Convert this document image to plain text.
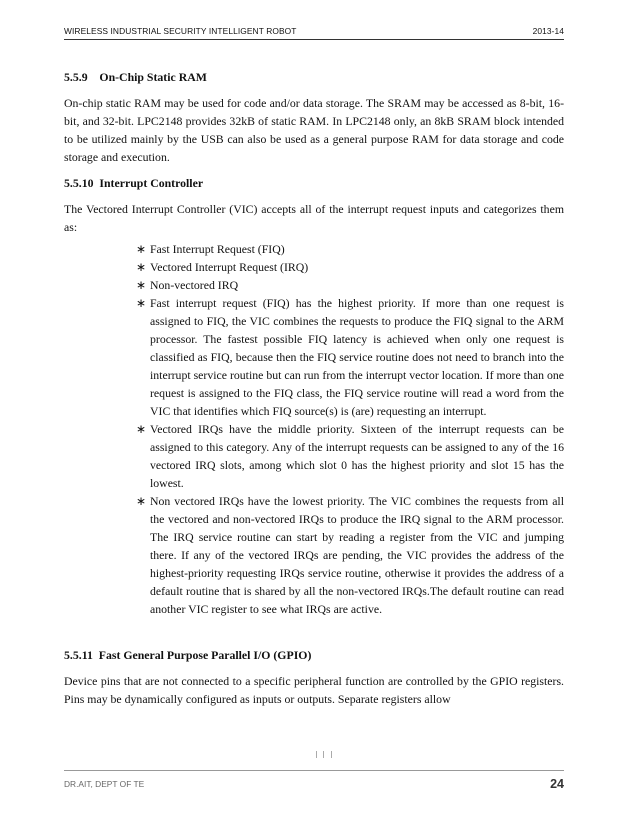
WIRELESS INDUSTRIAL SECURITY INTELLIGENT ROBOT	2013-14
5.5.9 On-Chip Static RAM

On-chip static RAM may be used for code and/or data storage. The SRAM may be accessed as 8-bit, 16-bit, and 32-bit. LPC2148 provides 32kB of static RAM. In LPC2148 only, an 8kB SRAM block intended to be utilized mainly by the USB can also be used as a general purpose RAM for data storage and code storage and execution.

5.5.10 Interrupt Controller

The Vectored Interrupt Controller (VIC) accepts all of the interrupt request inputs and categorizes them as:

∗ Fast Interrupt Request (FIQ)
∗ Vectored Interrupt Request (IRQ)
∗ Non-vectored IRQ
∗ Fast interrupt request (FIQ) has the highest priority. If more than one request is assigned to FIQ, the VIC combines the requests to produce the FIQ signal to the ARM processor. The fastest possible FIQ latency is achieved when only one request is classified as FIQ, because then the FIQ service routine does not need to branch into the interrupt service routine but can run from the interrupt vector location. If more than one request is assigned to the FIQ class, the FIQ service routine will read a word from the VIC that identifies which FIQ source(s) is (are) requesting an interrupt.
∗ Vectored IRQs have the middle priority. Sixteen of the interrupt requests can be assigned to this category. Any of the interrupt requests can be assigned to any of the 16 vectored IRQ slots, among which slot 0 has the highest priority and slot 15 has the lowest.
∗ Non vectored IRQs have the lowest priority. The VIC combines the requests from all the vectored and non-vectored IRQs to produce the IRQ signal to the ARM processor. The IRQ service routine can start by reading a register from the VIC and jumping there. If any of the vectored IRQs are pending, the VIC provides the address of the highest-priority requesting IRQs service routine, otherwise it provides the address of a default routine that is shared by all the non-vectored IRQs.The default routine can read another VIC register to see what IRQs are active.
5.5.11 Fast General Purpose Parallel I/O (GPIO)

Device pins that are not connected to a specific peripheral function are controlled by the GPIO registers. Pins may be dynamically configured as inputs or outputs. Separate registers allow

DR.AIT, DEPT OF TE	24
